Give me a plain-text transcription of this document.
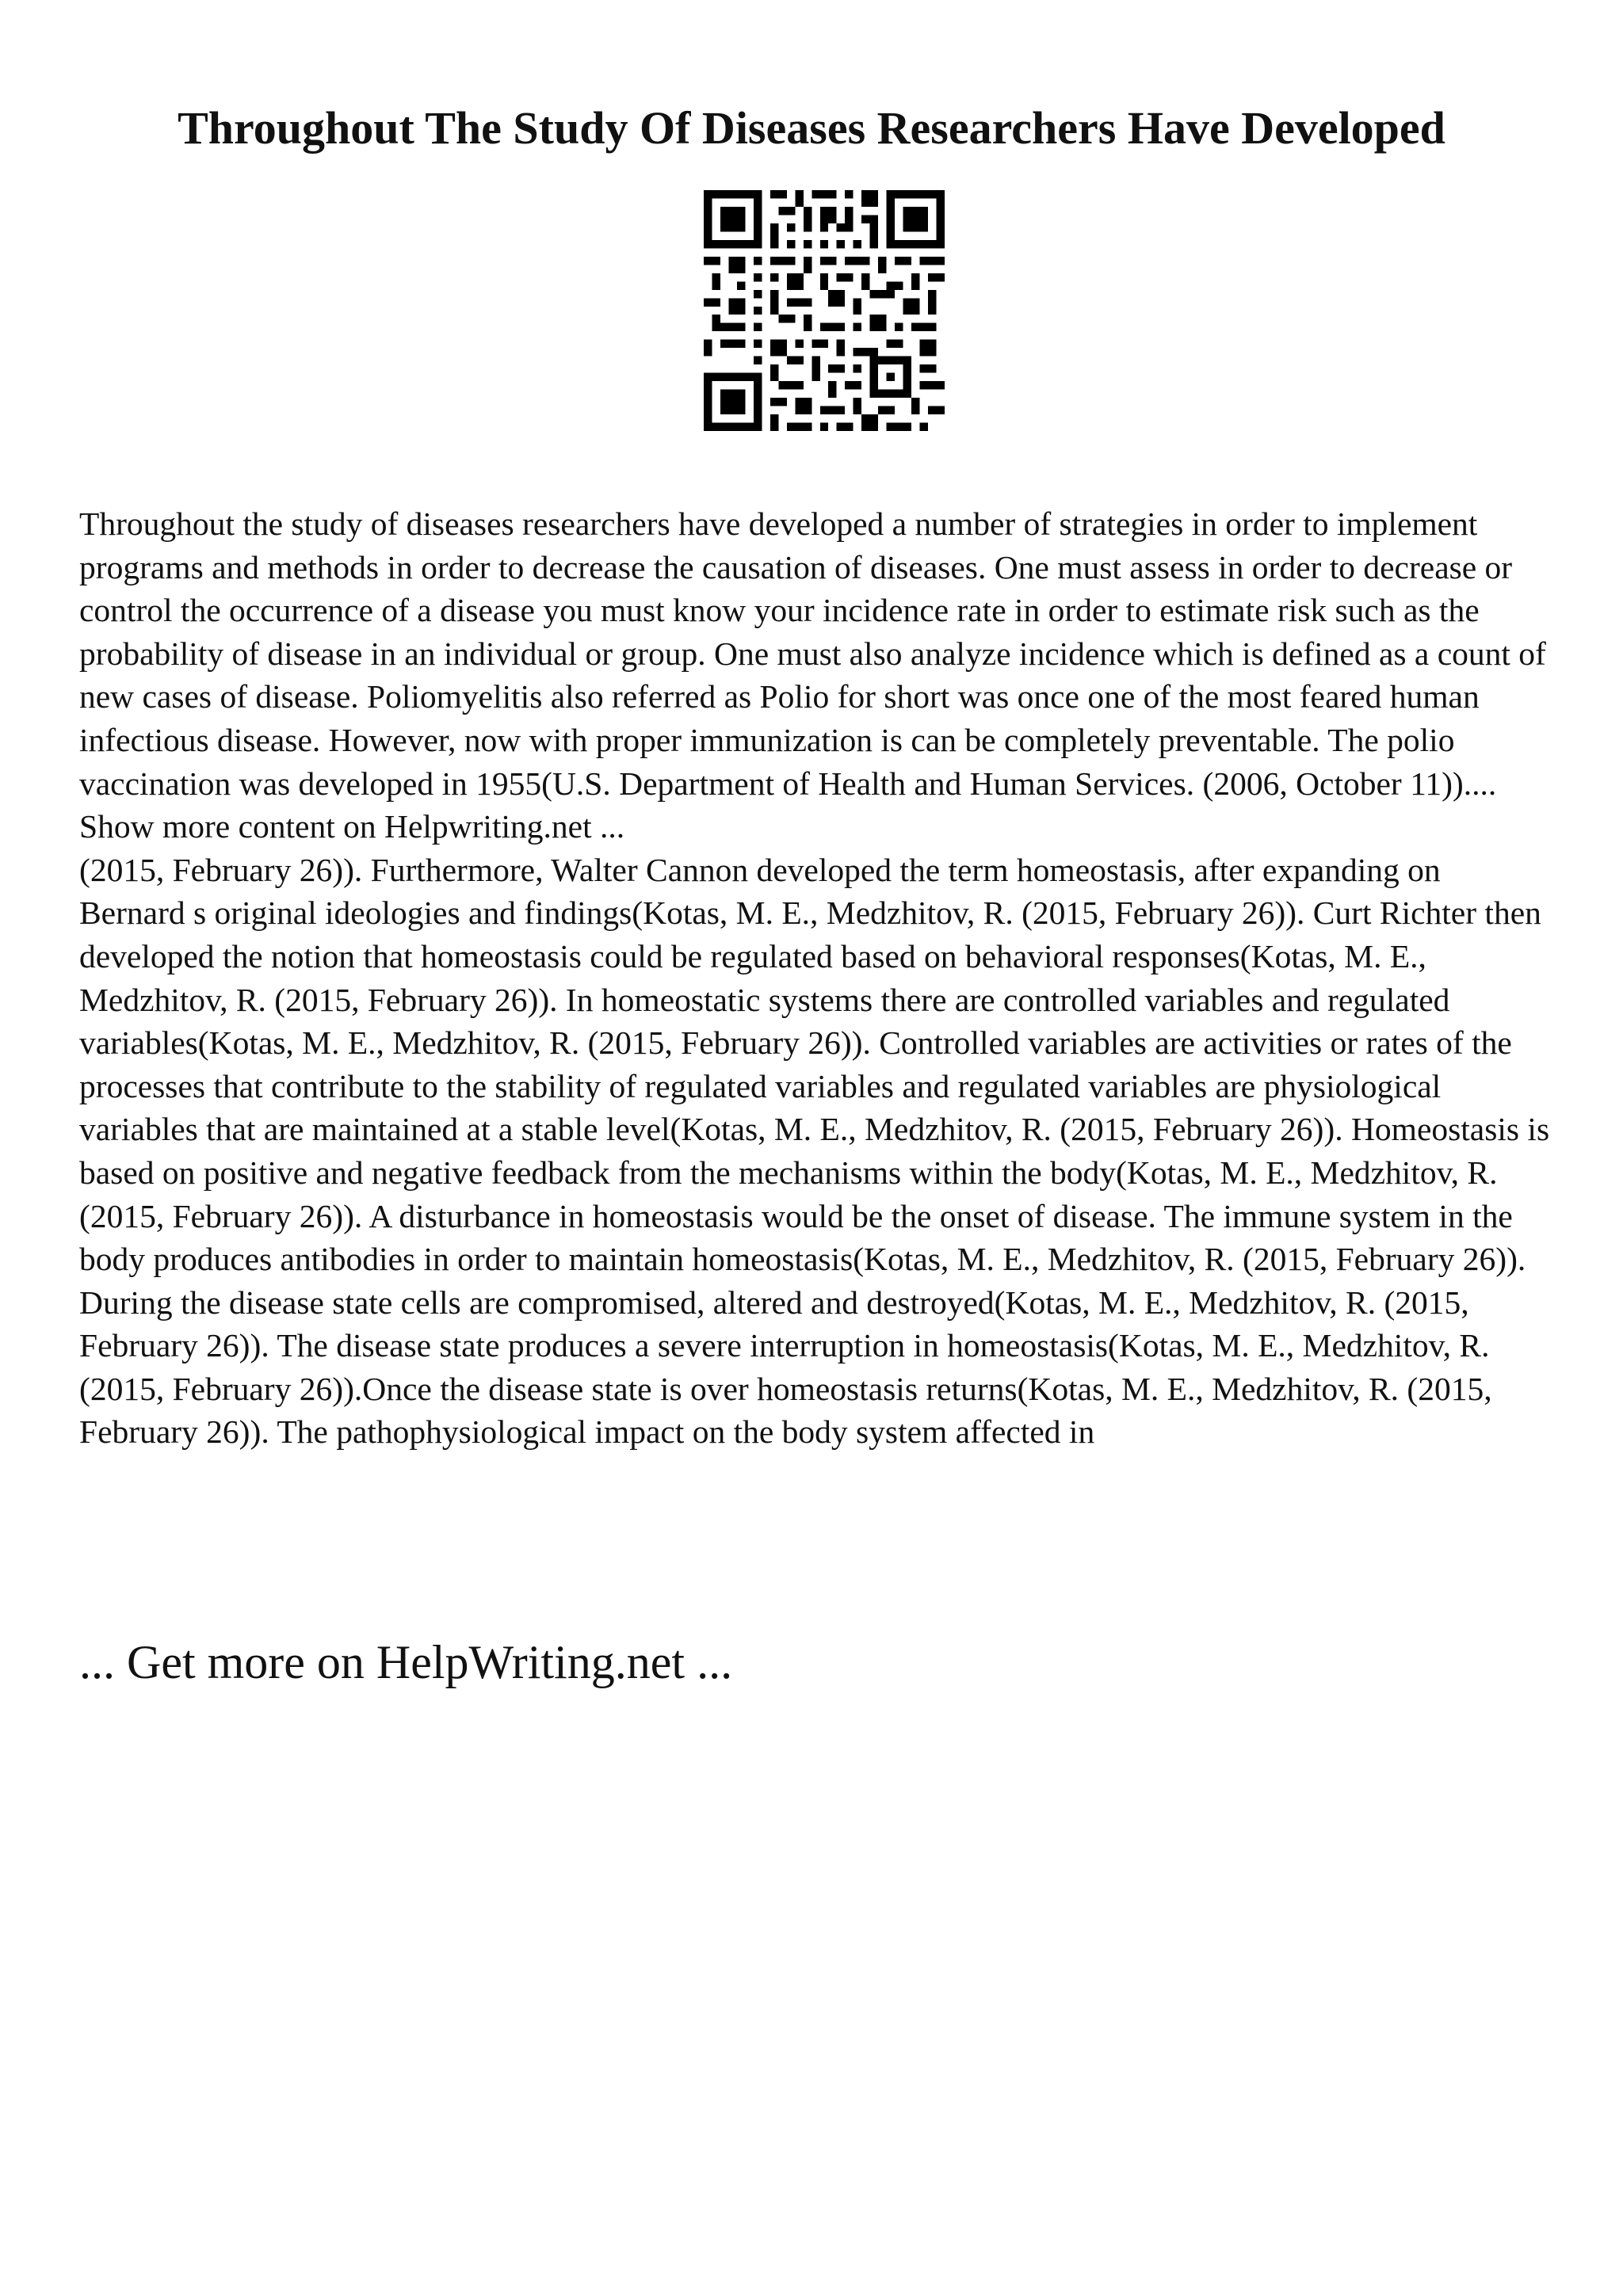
Throughout The Study Of Diseases Researchers Have Developed

Throughout the study of diseases researchers have developed a number of strategies in order to implement programs and methods in order to decrease the causation of diseases. One must assess in order to decrease or control the occurrence of a disease you must know your incidence rate in order to estimate risk such as the probability of disease in an individual or group. One must also analyze incidence which is defined as a count of new cases of disease. Poliomyelitis also referred as Polio for short was once one of the most feared human infectious disease. However, now with proper immunization is can be completely preventable. The polio vaccination was developed in 1955(U.S. Department of Health and Human Services. (2006, October 11))....

Show more content on Helpwriting.net ...

(2015, February 26)). Furthermore, Walter Cannon developed the term homeostasis, after expanding on Bernard s original ideologies and findings(Kotas, M. E., Medzhitov, R. (2015, February 26)). Curt Richter then developed the notion that homeostasis could be regulated based on behavioral responses(Kotas, M. E., Medzhitov, R. (2015, February 26)). In homeostatic systems there are controlled variables and regulated variables(Kotas, M. E., Medzhitov, R. (2015, February 26)). Controlled variables are activities or rates of the processes that contribute to the stability of regulated variables and regulated variables are physiological variables that are maintained at a stable level(Kotas, M. E., Medzhitov, R. (2015, February 26)). Homeostasis is based on positive and negative feedback from the mechanisms within the body(Kotas, M. E., Medzhitov, R. (2015, February 26)). A disturbance in homeostasis would be the onset of disease. The immune system in the body produces antibodies in order to maintain homeostasis(Kotas, M. E., Medzhitov, R. (2015, February 26)). During the disease state cells are compromised, altered and destroyed(Kotas, M. E., Medzhitov, R. (2015, February 26)). The disease state produces a severe interruption in homeostasis(Kotas, M. E., Medzhitov, R. (2015, February 26)).Once the disease state is over homeostasis returns(Kotas, M. E., Medzhitov, R. (2015, February 26)). The pathophysiological impact on the body system affected in

... Get more on HelpWriting.net ...
